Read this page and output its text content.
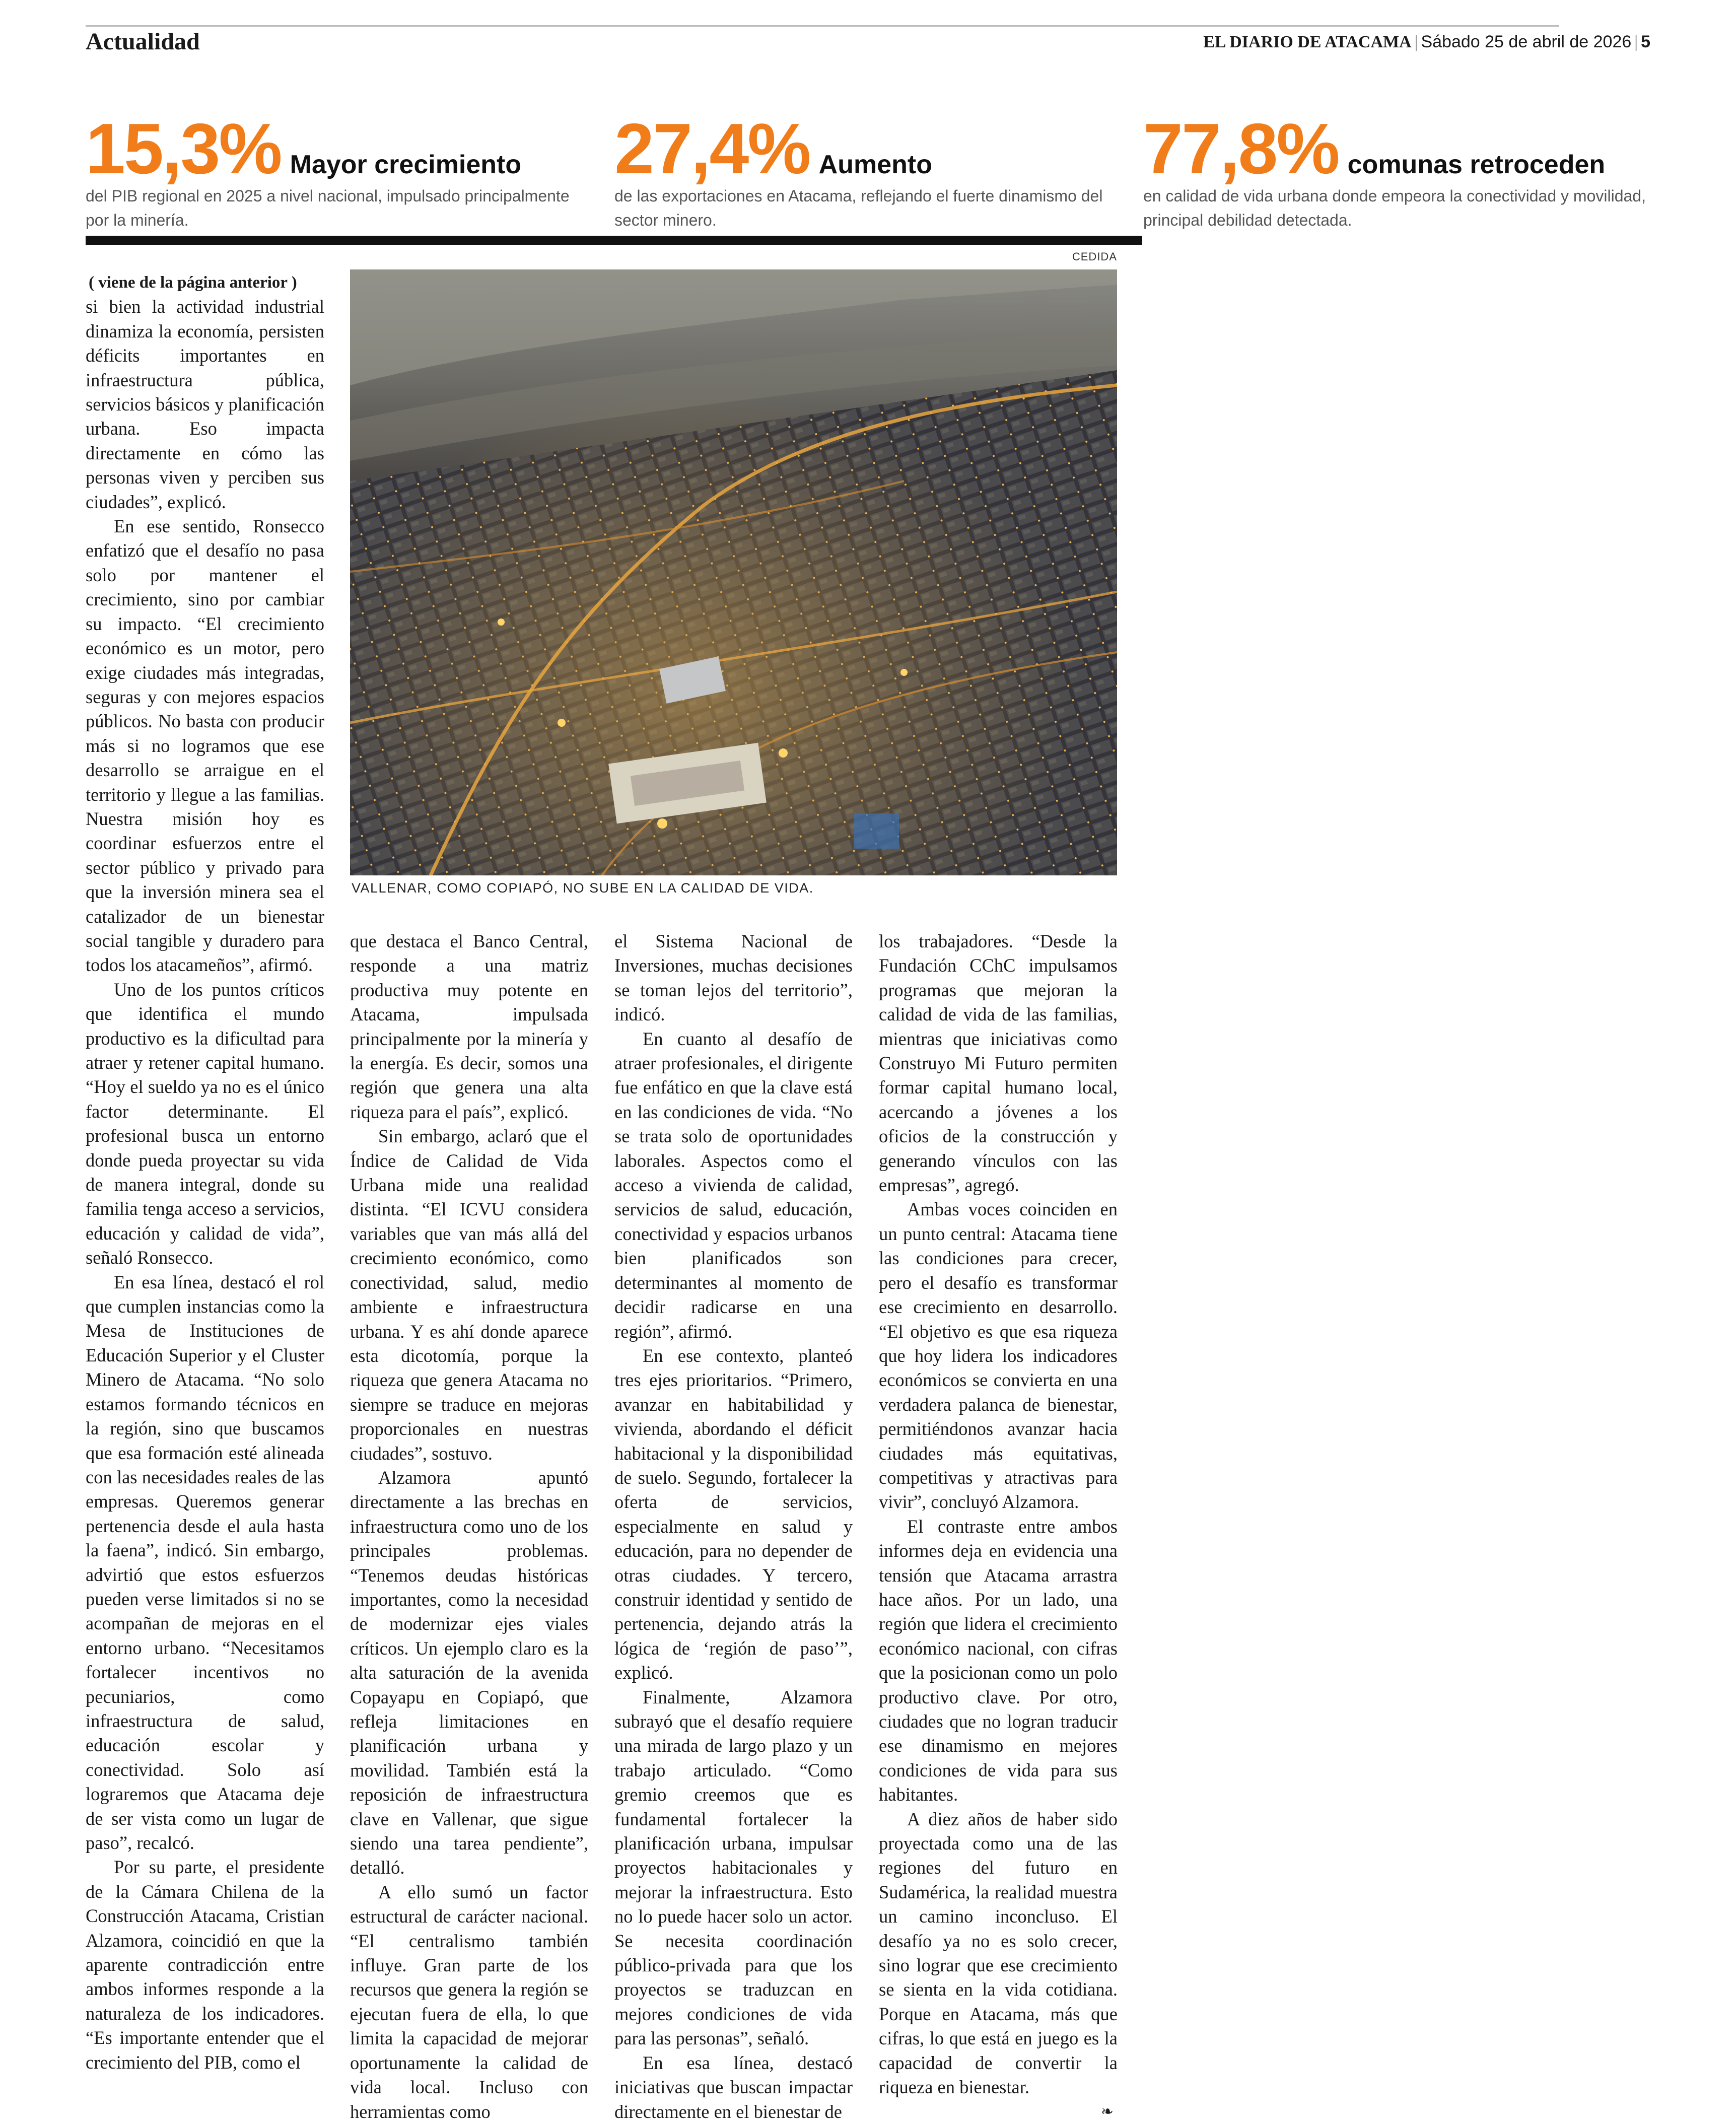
Actualidad	EL DIARIO DE ATACAMA | Sábado 25 de abril de 2026 | 5
15,3% Mayor crecimiento
del PIB regional en 2025 a nivel nacional, impulsado principalmente por la minería.
27,4% Aumento
de las exportaciones en Atacama, reflejando el fuerte dinamismo del sector minero.
77,8% comunas retroceden
en calidad de vida urbana donde empeora la conectividad y movilidad, principal debilidad detectada.
CEDIDA
VALLENAR, COMO COPIAPÓ, NO SUBE EN LA CALIDAD DE VIDA.
( viene de la página anterior )

si bien la actividad industrial dinamiza la economía, persisten déficits importantes en infraestructura pública, servicios básicos y planificación urbana. Eso impacta directamente en cómo las personas viven y perciben sus ciudades”, explicó.

En ese sentido, Ronsecco enfatizó que el desafío no pasa solo por mantener el crecimiento, sino por cambiar su impacto. “El crecimiento económico es un motor, pero exige ciudades más integradas, seguras y con mejores espacios públicos. No basta con producir más si no logramos que ese desarrollo se arraigue en el territorio y llegue a las familias. Nuestra misión hoy es coordinar esfuerzos entre el sector público y privado para que la inversión minera sea el catalizador de un bienestar social tangible y duradero para todos los atacameños”, afirmó.

Uno de los puntos críticos que identifica el mundo productivo es la dificultad para atraer y retener capital humano. “Hoy el sueldo ya no es el único factor determinante. El profesional busca un entorno donde pueda proyectar su vida de manera integral, donde su familia tenga acceso a servicios, educación y calidad de vida”, señaló Ronsecco.

En esa línea, destacó el rol que cumplen instancias como la Mesa de Instituciones de Educación Superior y el Cluster Minero de Atacama. “No solo estamos formando técnicos en la región, sino que buscamos que esa formación esté alineada con las necesidades reales de las empresas. Queremos generar pertenencia desde el aula hasta la faena”, indicó. Sin embargo, advirtió que estos esfuerzos pueden verse limitados si no se acompañan de mejoras en el entorno urbano. “Necesitamos fortalecer incentivos no pecuniarios, como infraestructura de salud, educación escolar y conectividad. Solo así lograremos que Atacama deje de ser vista como un lugar de paso”, recalcó.

Por su parte, el presidente de la Cámara Chilena de la Construcción Atacama, Cristian Alzamora, coincidió en que la aparente contradicción entre ambos informes responde a la naturaleza de los indicadores. “Es importante entender que el crecimiento del PIB, como el

que destaca el Banco Central, responde a una matriz productiva muy potente en Atacama, impulsada principalmente por la minería y la energía. Es decir, somos una región que genera una alta riqueza para el país”, explicó.

Sin embargo, aclaró que el Índice de Calidad de Vida Urbana mide una realidad distinta. “El ICVU considera variables que van más allá del crecimiento económico, como conectividad, salud, medio ambiente e infraestructura urbana. Y es ahí donde aparece esta dicotomía, porque la riqueza que genera Atacama no siempre se traduce en mejoras proporcionales en nuestras ciudades”, sostuvo.

Alzamora apuntó directamente a las brechas en infraestructura como uno de los principales problemas. “Tenemos deudas históricas importantes, como la necesidad de modernizar ejes viales críticos. Un ejemplo claro es la alta saturación de la avenida Copayapu en Copiapó, que refleja limitaciones en planificación urbana y movilidad. También está la reposición de infraestructura clave en Vallenar, que sigue siendo una tarea pendiente”, detalló.

A ello sumó un factor estructural de carácter nacional. “El centralismo también influye. Gran parte de los recursos que genera la región se ejecutan fuera de ella, lo que limita la capacidad de mejorar oportunamente la calidad de vida local. Incluso con herramientas como

el Sistema Nacional de Inversiones, muchas decisiones se toman lejos del territorio”, indicó.

En cuanto al desafío de atraer profesionales, el dirigente fue enfático en que la clave está en las condiciones de vida. “No se trata solo de oportunidades laborales. Aspectos como el acceso a vivienda de calidad, servicios de salud, educación, conectividad y espacios urbanos bien planificados son determinantes al momento de decidir radicarse en una región”, afirmó.

En ese contexto, planteó tres ejes prioritarios. “Primero, avanzar en habitabilidad y vivienda, abordando el déficit habitacional y la disponibilidad de suelo. Segundo, fortalecer la oferta de servicios, especialmente en salud y educación, para no depender de otras ciudades. Y tercero, construir identidad y sentido de pertenencia, dejando atrás la lógica de ‘región de paso’”, explicó.

Finalmente, Alzamora subrayó que el desafío requiere una mirada de largo plazo y un trabajo articulado. “Como gremio creemos que es fundamental fortalecer la planificación urbana, impulsar proyectos habitacionales y mejorar la infraestructura. Esto no lo puede hacer solo un actor. Se necesita coordinación público-privada para que los proyectos se traduzcan en mejores condiciones de vida para las personas”, señaló.

En esa línea, destacó iniciativas que buscan impactar directamente en el bienestar de

los trabajadores. “Desde la Fundación CChC impulsamos programas que mejoran la calidad de vida de las familias, mientras que iniciativas como Construyo Mi Futuro permiten formar capital humano local, acercando a jóvenes a los oficios de la construcción y generando vínculos con las empresas”, agregó.

Ambas voces coinciden en un punto central: Atacama tiene las condiciones para crecer, pero el desafío es transformar ese crecimiento en desarrollo. “El objetivo es que esa riqueza que hoy lidera los indicadores económicos se convierta en una verdadera palanca de bienestar, permitiéndonos avanzar hacia ciudades más equitativas, competitivas y atractivas para vivir”, concluyó Alzamora.

El contraste entre ambos informes deja en evidencia una tensión que Atacama arrastra hace años. Por un lado, una región que lidera el crecimiento económico nacional, con cifras que la posicionan como un polo productivo clave. Por otro, ciudades que no logran traducir ese dinamismo en mejores condiciones de vida para sus habitantes.

A diez años de haber sido proyectada como una de las regiones del futuro en Sudamérica, la realidad muestra un camino inconcluso. El desafío ya no es solo crecer, sino lograr que ese crecimiento se sienta en la vida cotidiana. Porque en Atacama, más que cifras, lo que está en juego es la capacidad de convertir la riqueza en bienestar.

❧
